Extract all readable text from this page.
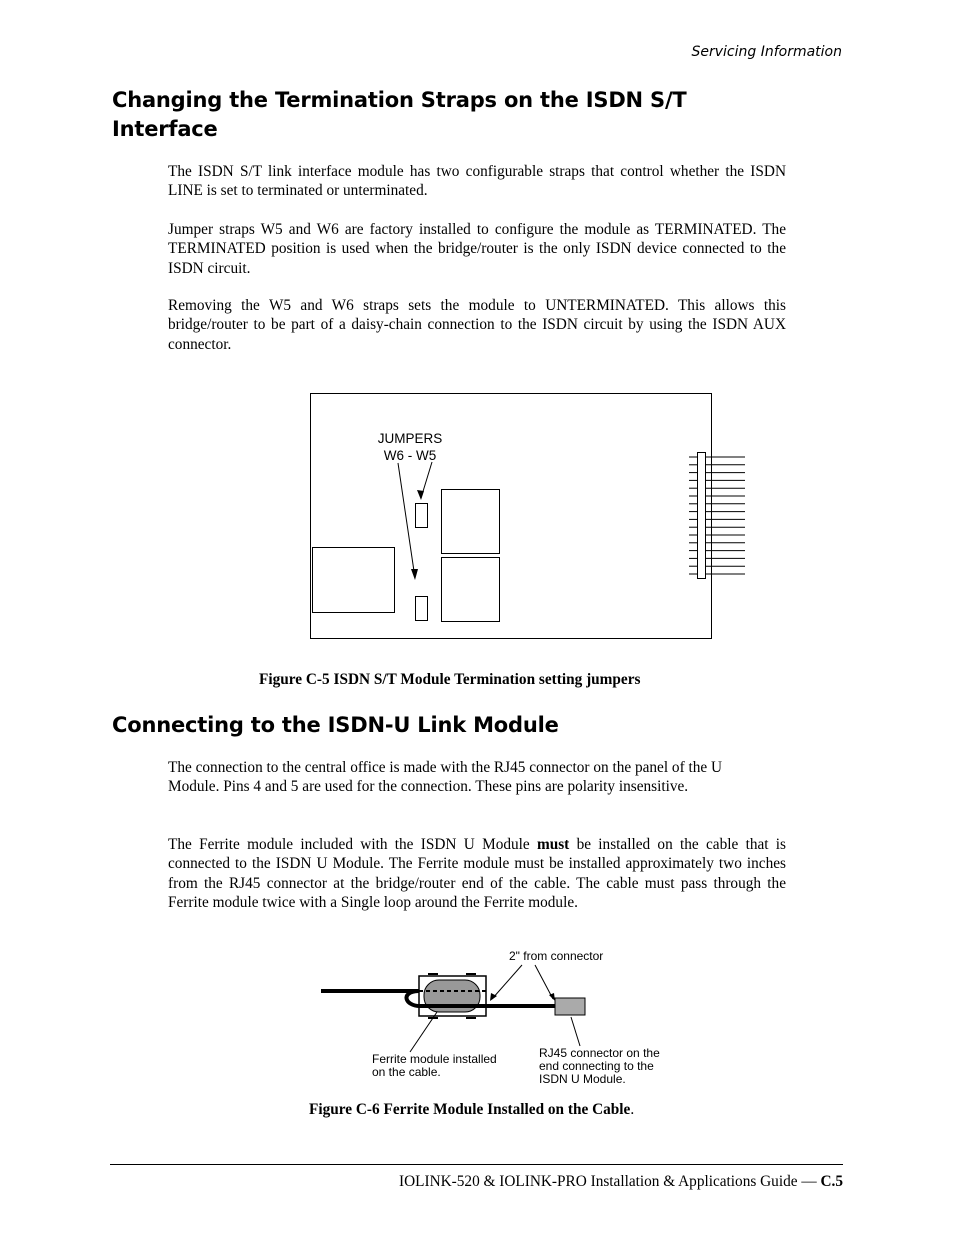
Servicing Information
Changing the Termination Straps on the ISDN S/T Interface

The ISDN S/T link interface module has two configurable straps that control whether the ISDN LINE is set to terminated or unterminated.

Jumper straps W5 and W6 are factory installed to configure the module as TERMINATED. The TERMINATED position is used when the bridge/router is the only ISDN device connected to the ISDN circuit.

Removing the W5 and W6 straps sets the module to UNTERMINATED. This allows this bridge/router to be part of a daisy-chain connection to the ISDN circuit by using the ISDN AUX connector.

JUMPERS
W6 - W5
Figure C-5 ISDN S/T Module Termination setting jumpers
Connecting to the ISDN-U Link Module

The connection to the central office is made with the RJ45 connector on the panel of the U Module. Pins 4 and 5 are used for the connection. These pins are polarity insensitive.

The Ferrite module included with the ISDN U Module must be installed on the cable that is connected to the ISDN U Module. The Ferrite module must be installed approximately two inches from the RJ45 connector at the bridge/router end of the cable. The cable must pass through the Ferrite module twice with a Single loop around the Ferrite module.

2" from connector
Ferrite module installed
on the cable.
RJ45 connector on the
end connecting to the
ISDN U Module.
Figure C-6 Ferrite Module Installed on the Cable.
IOLINK-520 & IOLINK-PRO Installation & Applications Guide — C.5
